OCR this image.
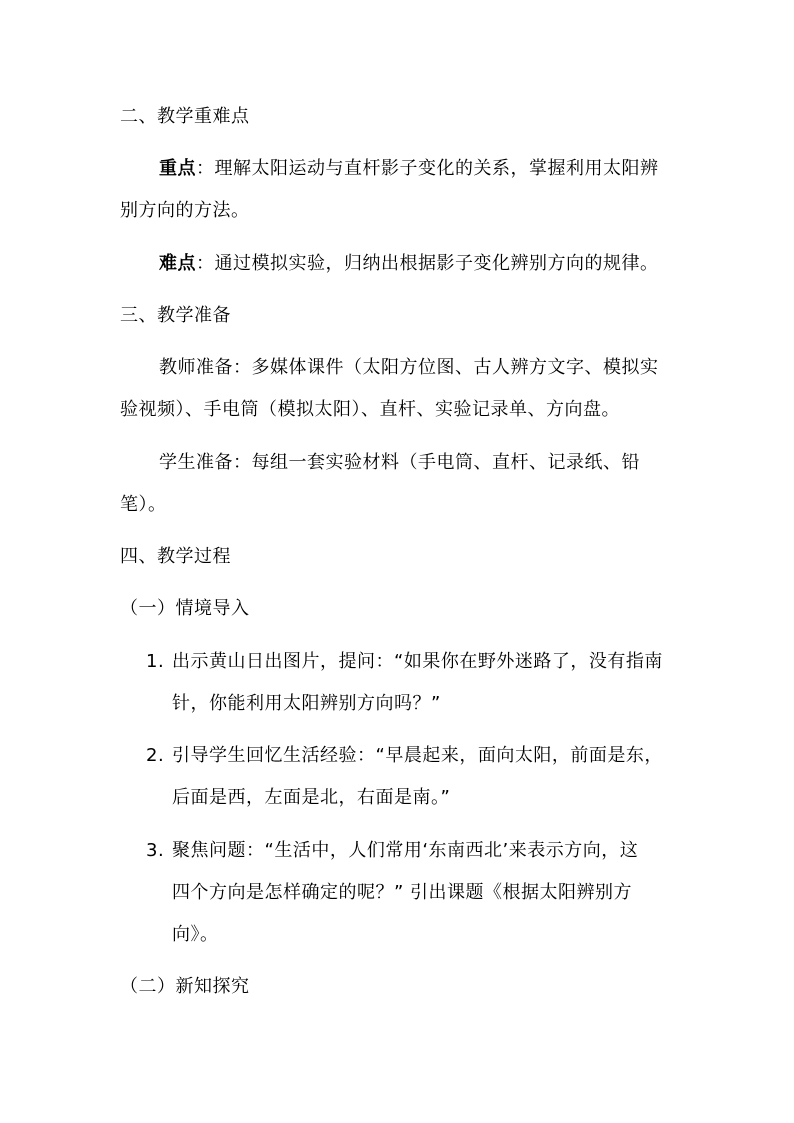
二、教学重难点

重点：理解太阳运动与直杆影子变化的关系，掌握利用太阳辨

别方向的方法。

难点：通过模拟实验，归纳出根据影子变化辨别方向的规律。

三、教学准备

教师准备：多媒体课件（太阳方位图、古人辨方文字、模拟实

验视频）、手电筒（模拟太阳）、直杆、实验记录单、方向盘。

学生准备：每组一套实验材料（手电筒、直杆、记录纸、铅

笔）。

四、教学过程

（一）情境导入

1. 出示黄山日出图片，提问：“如果你在野外迷路了，没有指南

针，你能利用太阳辨别方向吗？”

2. 引导学生回忆生活经验：“早晨起来，面向太阳，前面是东，

后面是西，左面是北，右面是南。”

3. 聚焦问题：“生活中，人们常用‘东南西北’来表示方向，这

四个方向是怎样确定的呢？” 引出课题《根据太阳辨别方

向》。

（二）新知探究
